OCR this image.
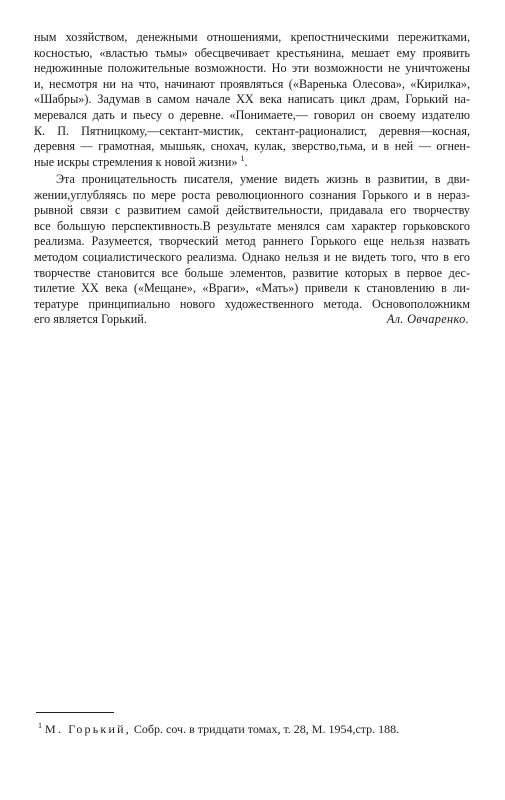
ным хозяйством, денежными отношениями, крепостническими пережитками,
косностью, «властью тьмы» обесцвечивает крестьянина, мешает ему проявить
недюжинные положительные возможности. Но эти возможности не уничтожены
и, несмотря ни на что, начинают проявляться («Варенька Олесова», «Кирилка»,
«Шабры»). Задумав в самом начале XX века написать цикл драм, Горький на-
меревался дать и пьесу о деревне. «Понимаете,— говорил он своему издателю
К. П. Пятницкому,—сектант-мистик, сектант-рационалист, деревня—косная,
деревня — грамотная, мышьяк, снохач, кулак, зверство,тьма, и в ней — огнен-
ные искры стремления к новой жизни» $^1$.
Эта проницательность писателя, умение видеть жизнь в развитии, в дви-
жении,углубляясь по мере роста революционного сознания Горького и в нераз-
рывной связи с развитием самой действительности, придавала его творчеству
все большую перспективность.В результате менялся сам характер горьковского
реализма. Разумеется, творческий метод раннего Горького еще нельзя назвать
методом социалистического реализма. Однако нельзя и не видеть того, что в его
творчестве становится все больше элементов, развитие которых в первое дес-
тилетие XX века («Мещане», «Враги», «Мать») привели к становлению в ли-
тературе принципиально нового художественного метода. Основоположникм
его является Горький.	Ал. Овчаренко.
$^1$ М. Горький, Собр. соч. в тридцати томах, т. 28, М. 1954,стр. 188.
